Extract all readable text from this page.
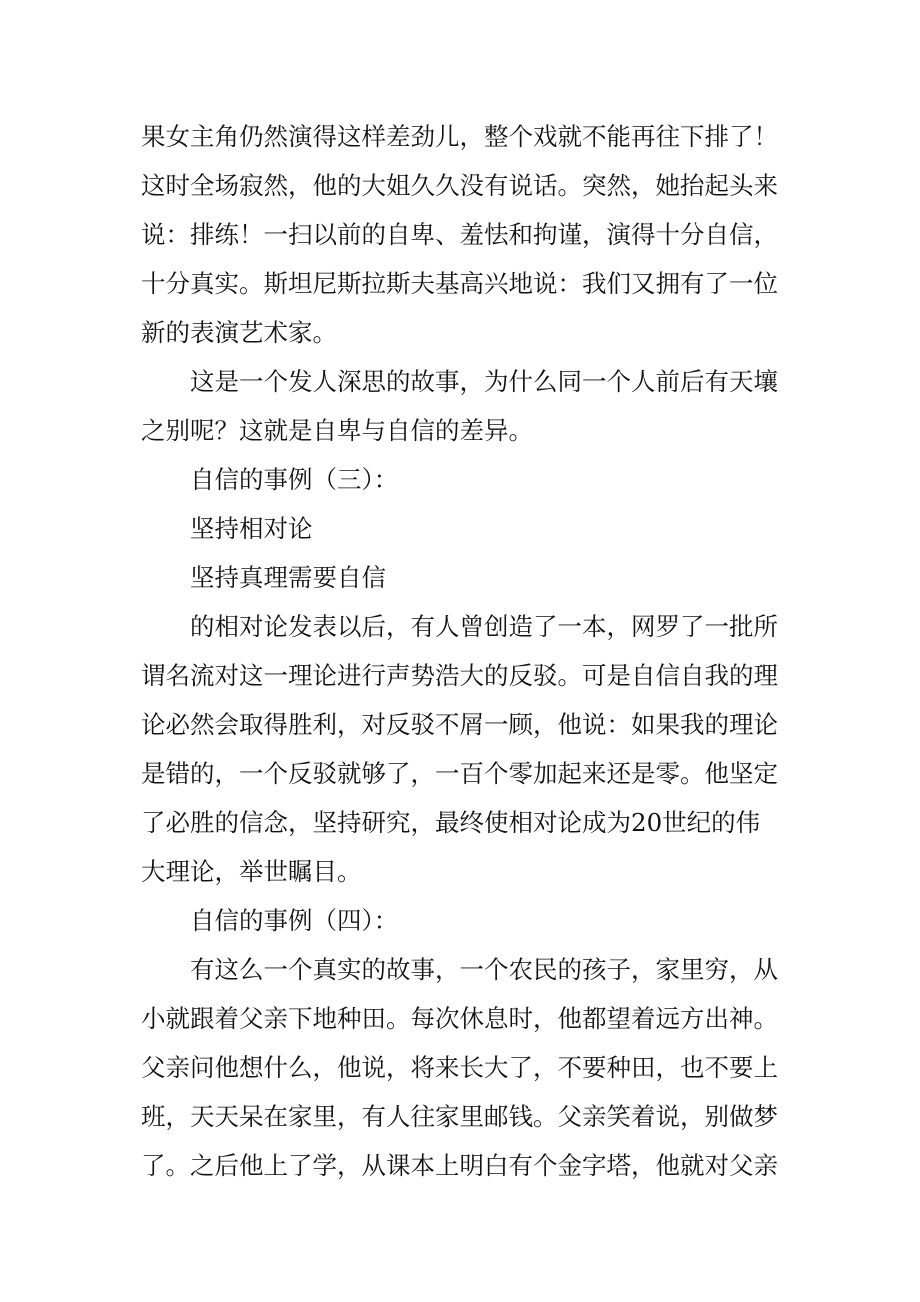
果女主角仍然演得这样差劲儿，整个戏就不能再往下排了！
这时全场寂然，他的大姐久久没有说话。突然，她抬起头来
说：排练！一扫以前的自卑、羞怯和拘谨，演得十分自信，
十分真实。斯坦尼斯拉斯夫基高兴地说：我们又拥有了一位
新的表演艺术家。
这是一个发人深思的故事，为什么同一个人前后有天壤
之别呢？这就是自卑与自信的差异。
自信的事例（三）：
坚持相对论
坚持真理需要自信
的相对论发表以后，有人曾创造了一本，网罗了一批所
谓名流对这一理论进行声势浩大的反驳。可是自信自我的理
论必然会取得胜利，对反驳不屑一顾，他说：如果我的理论
是错的，一个反驳就够了，一百个零加起来还是零。他坚定
了必胜的信念，坚持研究，最终使相对论成为20世纪的伟
大理论，举世瞩目。
自信的事例（四）：
有这么一个真实的故事，一个农民的孩子，家里穷，从
小就跟着父亲下地种田。每次休息时，他都望着远方出神。
父亲问他想什么，他说，将来长大了，不要种田，也不要上
班，天天呆在家里，有人往家里邮钱。父亲笑着说，别做梦
了。之后他上了学，从课本上明白有个金字塔，他就对父亲
